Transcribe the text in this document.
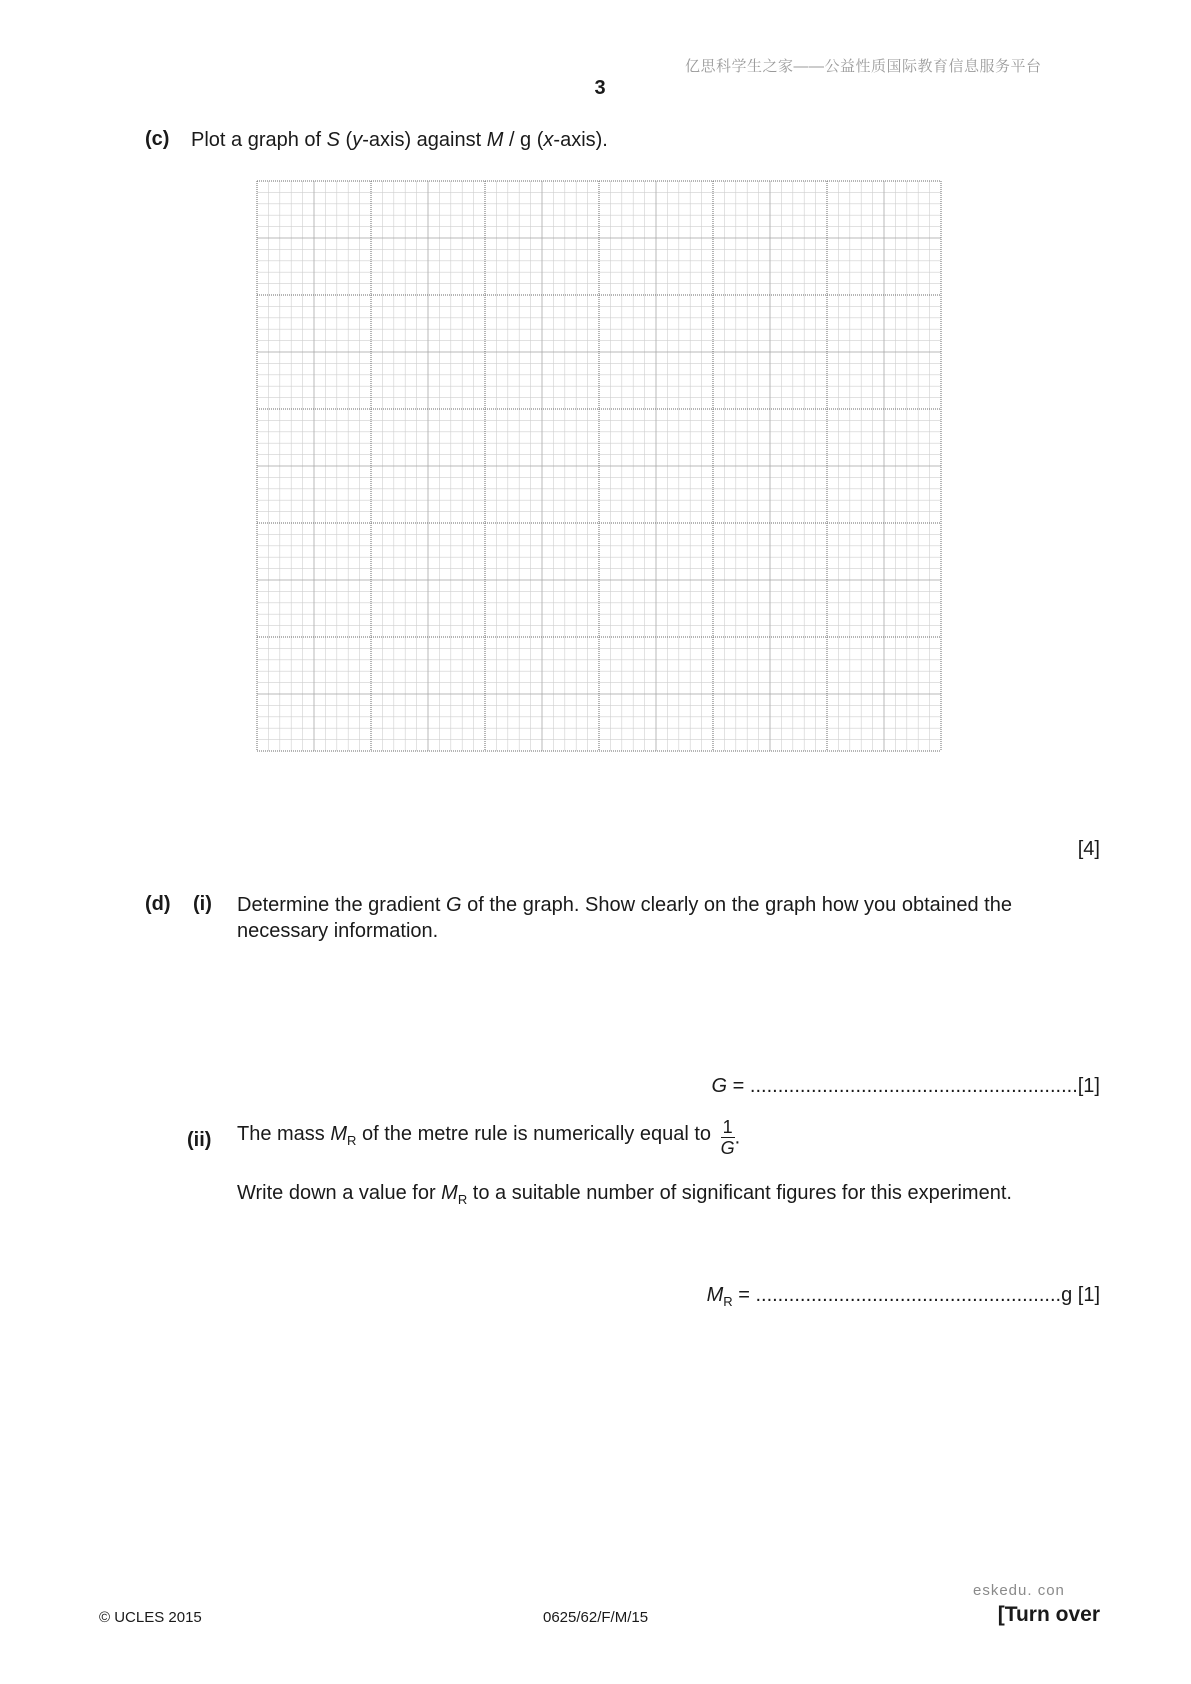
亿思科学生之家——公益性质国际教育信息服务平台
3
(c) Plot a graph of S (y-axis) against M / g (x-axis).
[4]
(d) (i) Determine the gradient G of the graph. Show clearly on the graph how you obtained the necessary information.
G = ...........................................................[1]
(ii) The mass $M_R$ of the metre rule is numerically equal to $\frac{1}{G}$ .
Write down a value for $M_R$ to a suitable number of significant figures for this experiment.
$M_R = .......................................................g$ [1]
eskedu. con
© UCLES 2015	0625/62/F/M/15	[Turn over
